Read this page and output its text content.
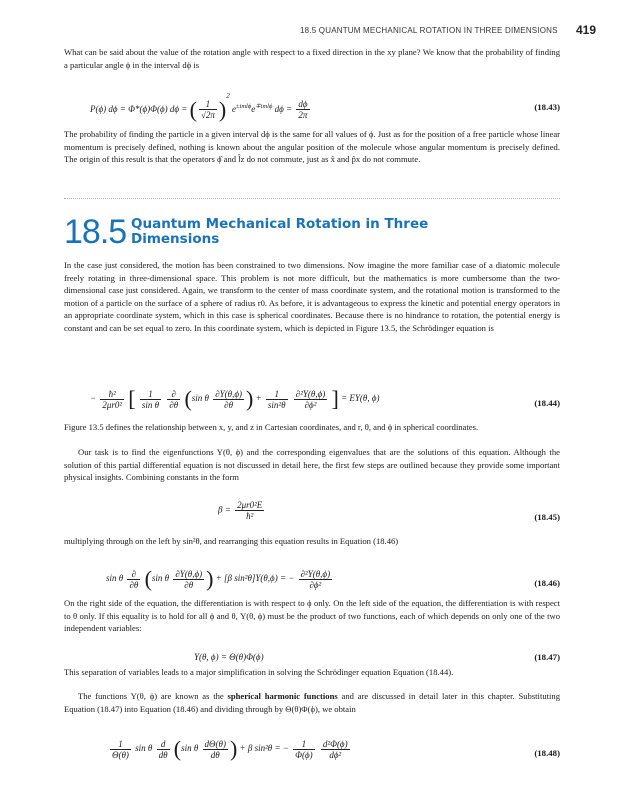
18.5 QUANTUM MECHANICAL ROTATION IN THREE DIMENSIONS	419
What can be said about the value of the rotation angle with respect to a fixed direction in the xy plane? We know that the probability of finding a particular angle ϕ in the interval dϕ is
P(ϕ) dϕ = Φ*(ϕ)Φ(ϕ) dϕ = ( $\frac{1}{√2\pi} )^2$ $e^{\pm iml\phi}e^{\mp iml\phi}$ $d\phi = \frac{d\phi}{2\pi}$	(18.43)
The probability of finding the particle in a given interval dϕ is the same for all values of ϕ. Just as for the position of a free particle whose linear momentum is precisely defined, nothing is known about the angular position of the molecule whose angular momentum is precisely defined. The origin of this result is that the operators ϕ̂ and l̂z do not commute, just as x̂ and p̂x do not commute.
18.5 Quantum Mechanical Rotation in Three Dimensions
In the case just considered, the motion has been constrained to two dimensions. Now imagine the more familiar case of a diatomic molecule freely rotating in three-dimensional space. This problem is not more difficult, but the mathematics is more cumbersome than the two-dimensional case just considered. Again, we transform to the center of mass coordinate system, and the rotational motion is transformed to the motion of a particle on the surface of a sphere of radius r0. As before, it is advantageous to express the kinetic and potential energy operators in an appropriate coordinate system, which in this case is spherical coordinates. Because there is no hindrance to rotation, the potential energy is constant and can be set equal to zero. In this coordinate system, which is depicted in Figure 13.5, the Schrödinger equation is
− $\frac{\text{ħ²}}{\text{2μr0²}}$ [ $\frac{1}{\text{sin θ}}$
$\frac{\partial}{\partial\theta} (\sin$ θ $\frac{\partial Y(\theta,\phi)}{\partial\theta}$ ) + $\frac{1}{\text{sin²θ}}$
$\frac{\text{∂²Y(θ,ϕ)}}{\text{∂ϕ²}}$ ] = EY(θ, ϕ)	(18.44)
Figure 13.5 defines the relationship between x, y, and z in Cartesian coordinates, and r, θ, and ϕ in spherical coordinates.
Our task is to find the eigenfunctions Y(θ, ϕ) and the corresponding eigenvalues that are the solutions of this equation. Although the solution of this partial differential equation is not discussed in detail here, the first few steps are outlined because they provide some important physical insights. Combining constants in the form
$\beta = \frac{\text{2μr0²E}}{\text{ħ²}}$	(18.45)
multiplying through on the left by sin²θ, and rearranging this equation results in Equation (18.46)
sin θ $\frac{\partial}{\partial\theta} (\sin$ θ $\frac{\partial Y(\theta,\phi)}{\partial\theta}$ ) + [β sin²θ]Y(θ,ϕ) = − $\frac{\text{∂²Y(θ,ϕ)}}{\text{∂ϕ²}}$	(18.46)
On the right side of the equation, the differentiation is with respect to ϕ only. On the left side of the equation, the differentiation is with respect to θ only. If this equality is to hold for all ϕ and θ, Y(θ, ϕ) must be the product of two functions, each of which depends on only one of the two independent variables:
Y(θ, ϕ) = Θ(θ)Φ(ϕ)	(18.47)
This separation of variables leads to a major simplification in solving the Schrödinger equation Equation (18.44).
The functions Y(θ, ϕ) are known as the spherical harmonic functions and are discussed in detail later in this chapter. Substituting Equation (18.47) into Equation (18.46) and dividing through by Θ(θ)Φ(ϕ), we obtain
$\frac{1}{\Theta(\theta)}$ sin θ $\frac{d}{d\theta} (\sin$ θ $\frac{d\Theta(\theta)}{d\theta}$ ) + β sin²θ = − $\frac{1}{\Phi(\phi)}$
$\frac{\text{d²Φ(ϕ)}}{\text{dϕ²}}$	(18.48)
